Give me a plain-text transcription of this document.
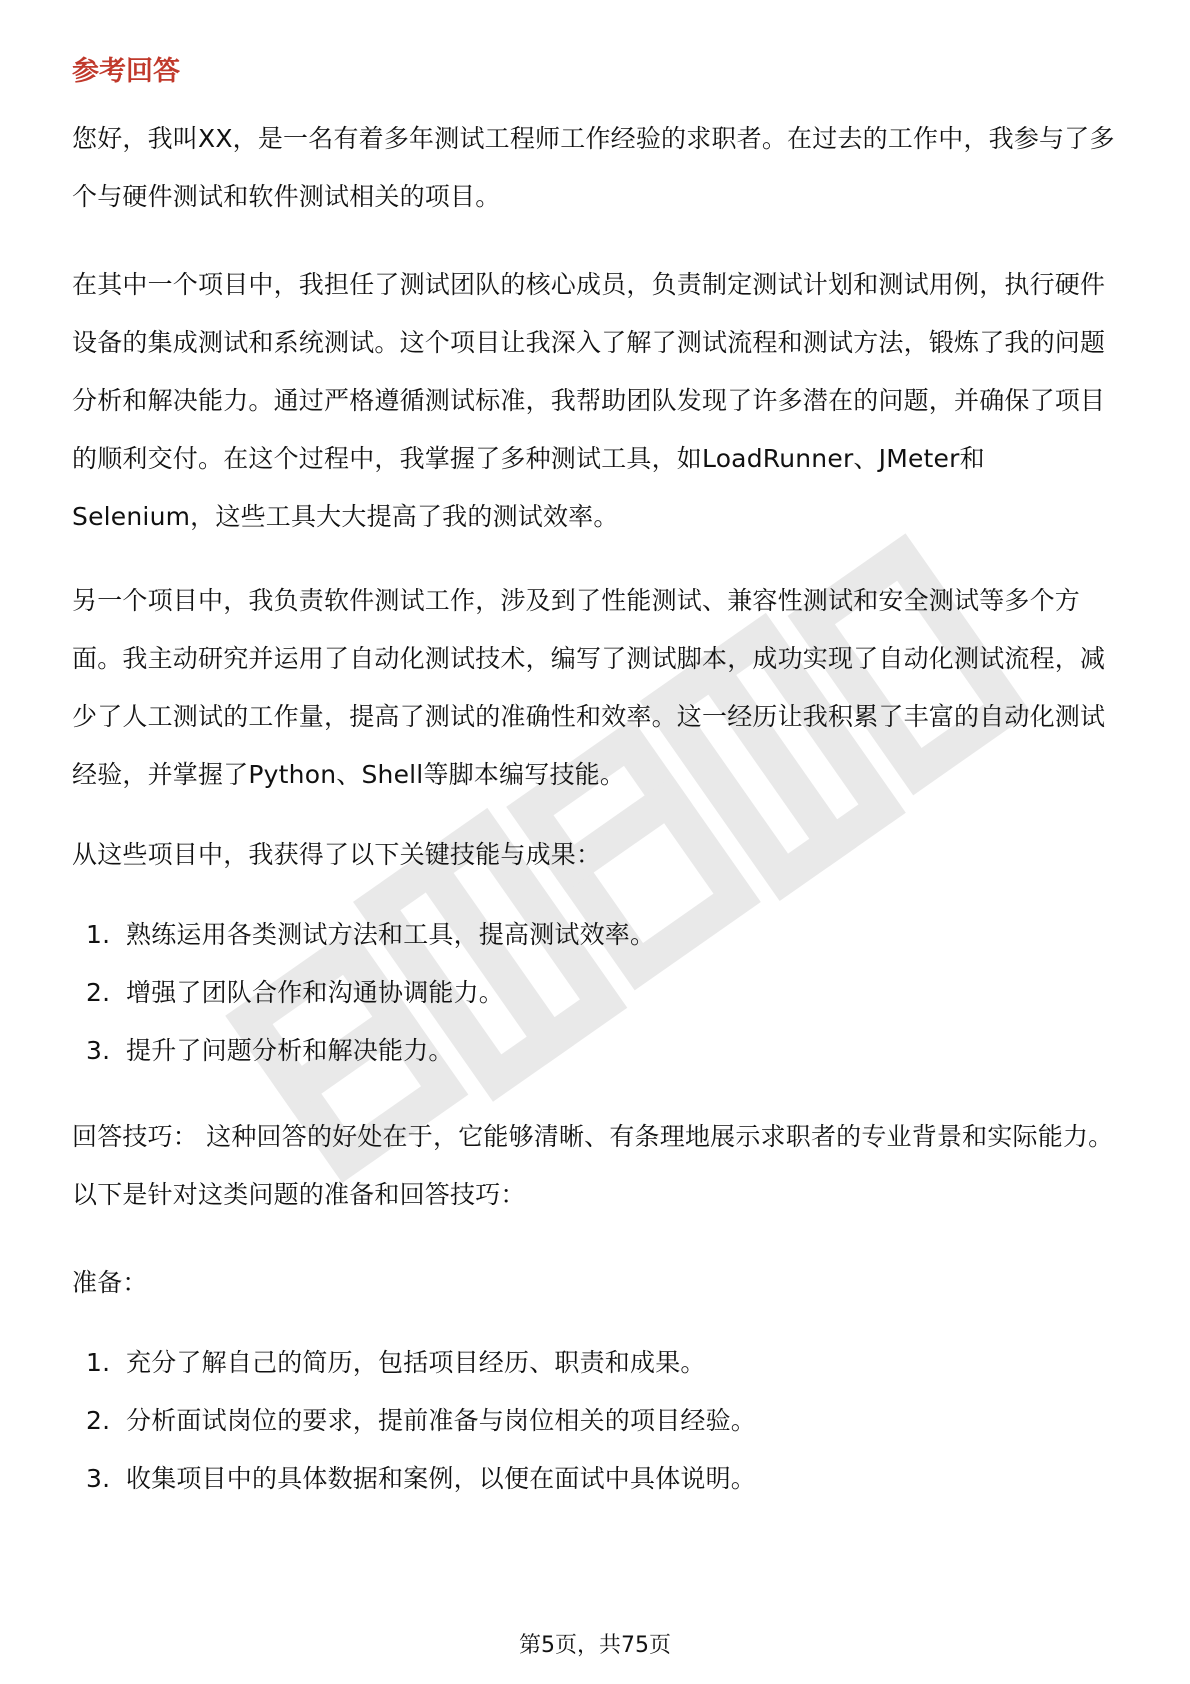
参考回答

您好，我叫XX，是一名有着多年测试工程师工作经验的求职者。在过去的工作中，我参与了多个与硬件测试和软件测试相关的项目。

在其中一个项目中，我担任了测试团队的核心成员，负责制定测试计划和测试用例，执行硬件设备的集成测试和系统测试。这个项目让我深入了解了测试流程和测试方法，锻炼了我的问题分析和解决能力。通过严格遵循测试标准，我帮助团队发现了许多潜在的问题，并确保了项目的顺利交付。在这个过程中，我掌握了多种测试工具，如LoadRunner、JMeter和Selenium，这些工具大大提高了我的测试效率。

另一个项目中，我负责软件测试工作，涉及到了性能测试、兼容性测试和安全测试等多个方面。我主动研究并运用了自动化测试技术，编写了测试脚本，成功实现了自动化测试流程，减少了人工测试的工作量，提高了测试的准确性和效率。这一经历让我积累了丰富的自动化测试经验，并掌握了Python、Shell等脚本编写技能。

从这些项目中，我获得了以下关键技能与成果：

1. 熟练运用各类测试方法和工具，提高测试效率。
2. 增强了团队合作和沟通协调能力。
3. 提升了问题分析和解决能力。

回答技巧： 这种回答的好处在于，它能够清晰、有条理地展示求职者的专业背景和实际能力。以下是针对这类问题的准备和回答技巧：

准备：

1. 充分了解自己的简历，包括项目经历、职责和成果。
2. 分析面试岗位的要求，提前准备与岗位相关的项目经验。
3. 收集项目中的具体数据和案例，以便在面试中具体说明。
第5页，共75页
